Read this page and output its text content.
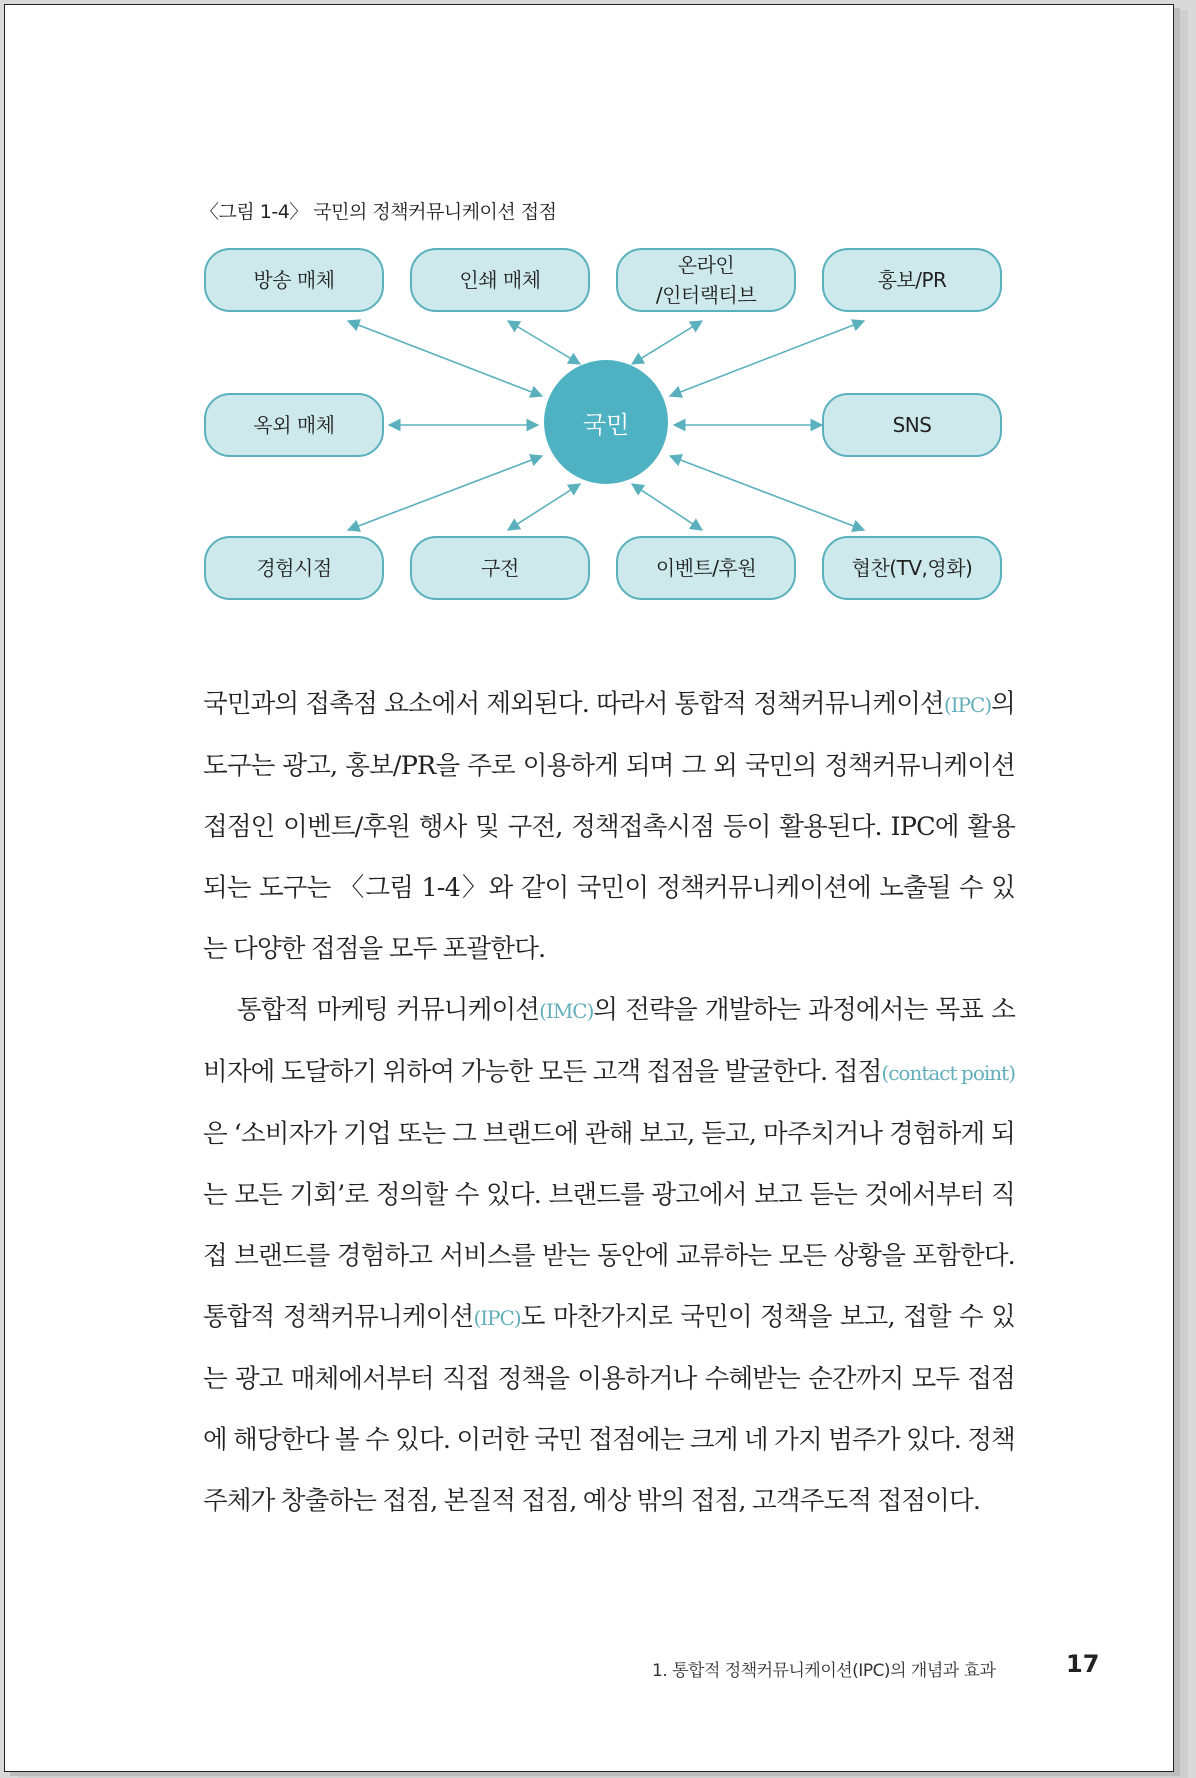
〈그림 1-4〉 국민의 정책커뮤니케이션 접점
방송 매체	인쇄 매체
온라인
/인터랙티브
홍보/PR
옥외 매체	국민	SNS
경험시점	구전	이벤트/후원	협찬(TV,영화)

국민과의 접촉점 요소에서 제외된다. 따라서 통합적 정책커뮤니케이션(IPC)의 도구는 광고, 홍보/PR을 주로 이용하게 되며 그 외 국민의 정책커뮤니케이션 접점인 이벤트/후원 행사 및 구전, 정책접촉시점 등이 활용된다. IPC에 활용되는 도구는 〈그림 1-4〉와 같이 국민이 정책커뮤니케이션에 노출될 수 있는 다양한 접점을 모두 포괄한다.

통합적 마케팅 커뮤니케이션(IMC)의 전략을 개발하는 과정에서는 목표 소비자에 도달하기 위하여 가능한 모든 고객 접점을 발굴한다. 접점(contact point)은 ‘소비자가 기업 또는 그 브랜드에 관해 보고, 듣고, 마주치거나 경험하게 되는 모든 기회’로 정의할 수 있다. 브랜드를 광고에서 보고 듣는 것에서부터 직접 브랜드를 경험하고 서비스를 받는 동안에 교류하는 모든 상황을 포함한다. 통합적 정책커뮤니케이션(IPC)도 마찬가지로 국민이 정책을 보고, 접할 수 있는 광고 매체에서부터 직접 정책을 이용하거나 수혜받는 순간까지 모두 접점에 해당한다 볼 수 있다. 이러한 국민 접점에는 크게 네 가지 범주가 있다. 정책 주체가 창출하는 접점, 본질적 접점, 예상 밖의 접점, 고객주도적 접점이다.

1. 통합적 정책커뮤니케이션(IPC)의 개념과 효과	17
